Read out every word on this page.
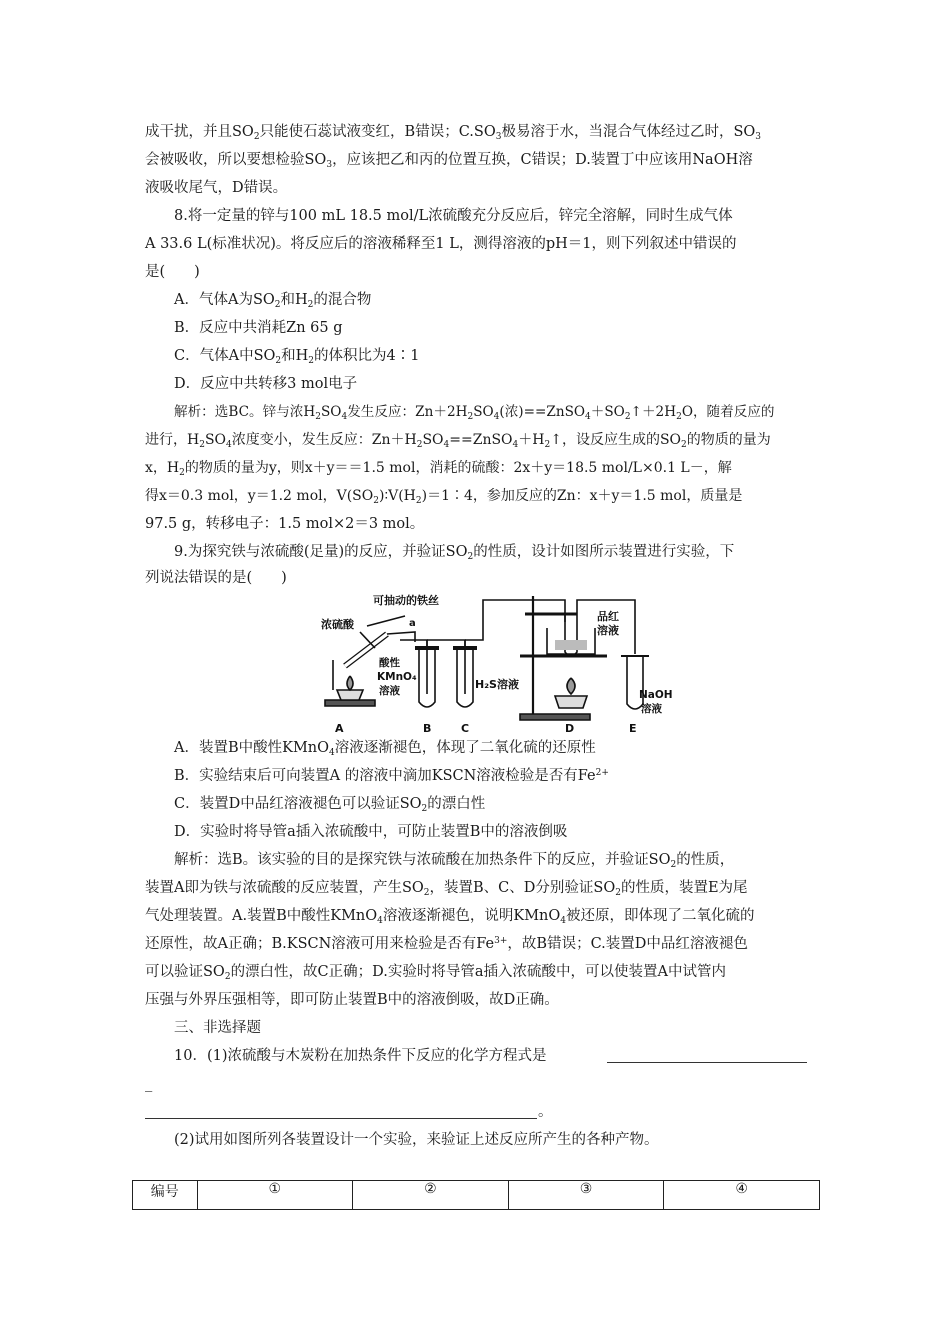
成干扰，并且$SO_2$只能使石蕊试液变红，B错误；$C.SO_3$极易溶于水，当混合气体经过乙时，$SO_3$
会被吸收，所以要想检验$SO_3$，应该把乙和丙的位置互换，C错误；D.装置丁中应该用NaOH溶
液吸收尾气，D错误。
8.将一定量的锌与100 mL 18.5 mol/L浓硫酸充分反应后，锌完全溶解，同时生成气体
A 33.6 L(标准状况)。将反应后的溶液稀释至1 L，测得溶液的pH＝1，则下列叙述中错误的
是(　　)
A．气体A为$SO_2$和$H_2$的混合物
B．反应中共消耗Zn 65 g
C．气体A中$SO_2$和$H_2$的体积比为4∶1
D．反应中共转移3 mol电子
解析：选BC。锌与浓$H_2SO_4$发生反应：$Zn+2H_2SO_4$(浓)$==ZnSO_4+SO_2↑+2H_2O$，随着反应的
进行，$H_2SO_4$浓度变小，发生反应：$Zn+H_2SO_4==ZnSO_4+H_2↑$，设反应生成的$SO_2$的物质的量为
x，$H_2$的物质的量为y，则x＋y＝＝1.5 mol，消耗的硫酸：2x＋y＝18.5 mol/L×0.1 L－，解
得x＝0.3 mol，y＝1.2 mol，$V(SO_2)∶V(H_2)=1∶4$，参加反应的Zn：x＋y＝1.5 mol，质量是
97.5 g，转移电子：1.5 mol×2＝3 mol。
9.为探究铁与浓硫酸(足量)的反应，并验证$SO_2$的性质，设计如图所示装置进行实验，下
列说法错误的是(　　)
可抽动的铁丝
浓硫酸	a
酸性
KMnO₄
溶液	H₂S溶液
品红
溶液
NaOH
溶液
A	B	C	D	E
A．装置B中酸性KMnO$_4$溶液逐渐褪色，体现了二氧化硫的还原性
B．实验结束后可向装置A 的溶液中滴加KSCN溶液检验是否有$Fe^{2+}$
C．装置D中品红溶液褪色可以验证$SO_2$的漂白性
D．实验时将导管a插入浓硫酸中，可防止装置B中的溶液倒吸
解析：选B。该实验的目的是探究铁与浓硫酸在加热条件下的反应，并验证$SO_2$的性质，
装置A即为铁与浓硫酸的反应装置，产生$SO_2$，装置B、C、D分别验证$SO_2$的性质，装置E为尾
气处理装置。A.装置B中酸性KMnO$_4$溶液逐渐褪色，说明KMnO$_4$被还原，即体现了二氧化硫的
还原性，故A正确；B.KSCN溶液可用来检验是否有$Fe^{3+}$，故B错误；C.装置D中品红溶液褪色
可以验证$SO_2$的漂白性，故C正确；D.实验时将导管a插入浓硫酸中，可以使装置A中试管内
压强与外界压强相等，即可防止装置B中的溶液倒吸，故D正确。
三、非选择题
10．(1)浓硫酸与木炭粉在加热条件下反应的化学方程式是
_
。
(2)试用如图所列各装置设计一个实验，来验证上述反应所产生的各种产物。
编号	①	②	③	④
